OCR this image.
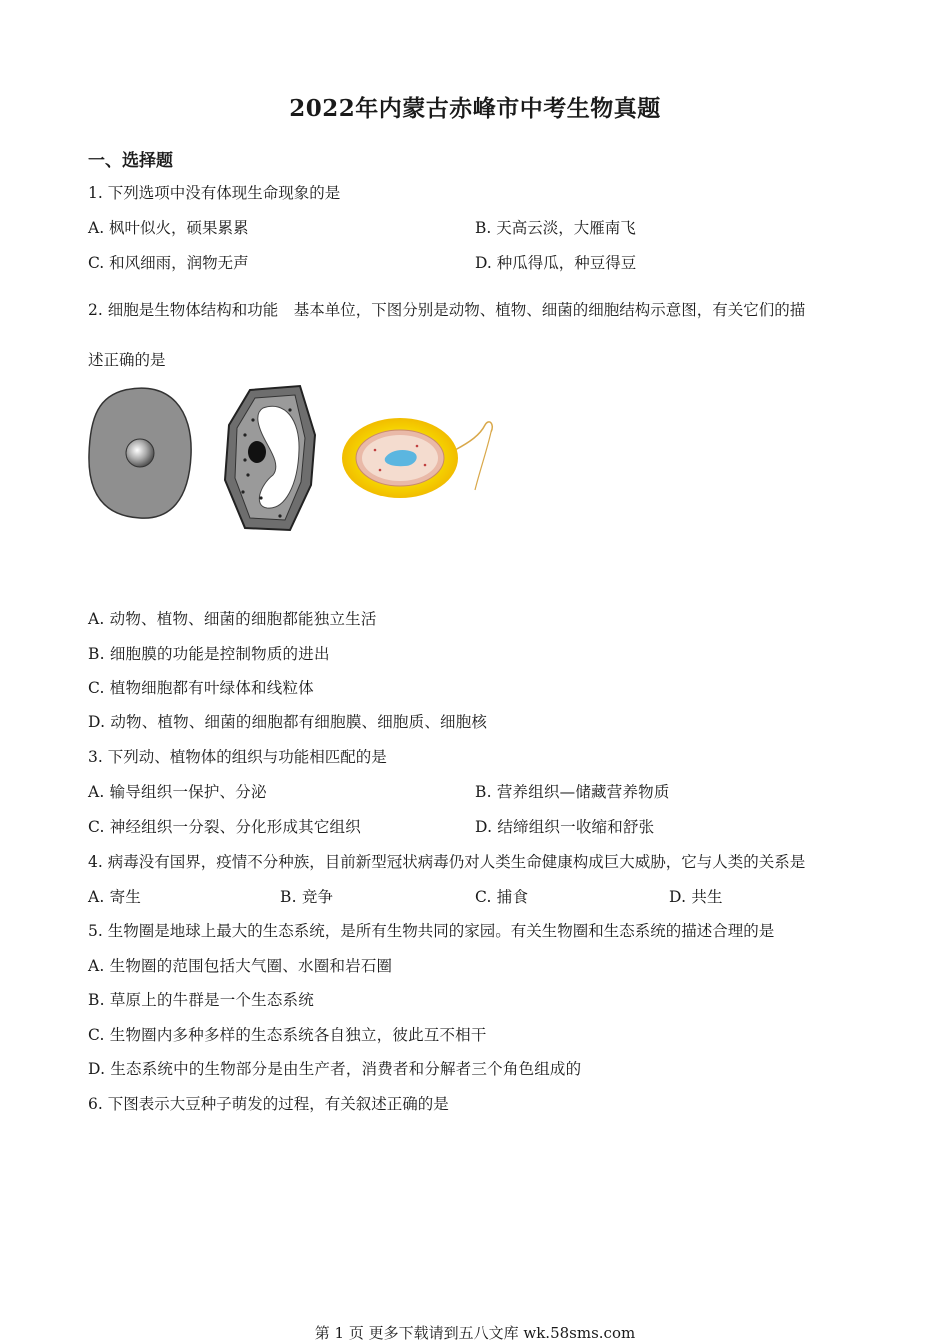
2022年内蒙古赤峰市中考生物真题
一、选择题
1. 下列选项中没有体现生命现象的是
A. 枫叶似火，硕果累累	B. 天高云淡，大雁南飞
C. 和风细雨，润物无声	D. 种瓜得瓜，种豆得豆
2. 细胞是生物体结构和功能　基本单位，下图分别是动物、植物、细菌的细胞结构示意图，有关它们的描
述正确的是
A. 动物、植物、细菌的细胞都能独立生活
B. 细胞膜的功能是控制物质的进出
C. 植物细胞都有叶绿体和线粒体
D. 动物、植物、细菌的细胞都有细胞膜、细胞质、细胞核
3. 下列动、植物体的组织与功能相匹配的是
A. 输导组织一保护、分泌	B. 营养组织—储藏营养物质
C. 神经组织一分裂、分化形成其它组织	D. 结缔组织一收缩和舒张
4. 病毒没有国界，疫情不分种族，目前新型冠状病毒仍对人类生命健康构成巨大威胁，它与人类的关系是
A. 寄生	B. 竞争	C. 捕食	D. 共生
5. 生物圈是地球上最大的生态系统，是所有生物共同的家园。有关生物圈和生态系统的描述合理的是
A. 生物圈的范围包括大气圈、水圈和岩石圈
B. 草原上的牛群是一个生态系统
C. 生物圈内多种多样的生态系统各自独立，彼此互不相干
D. 生态系统中的生物部分是由生产者，消费者和分解者三个角色组成的
6. 下图表示大豆种子萌发的过程，有关叙述正确的是
第 1 页 更多下载请到五八文库 wk.58sms.com
